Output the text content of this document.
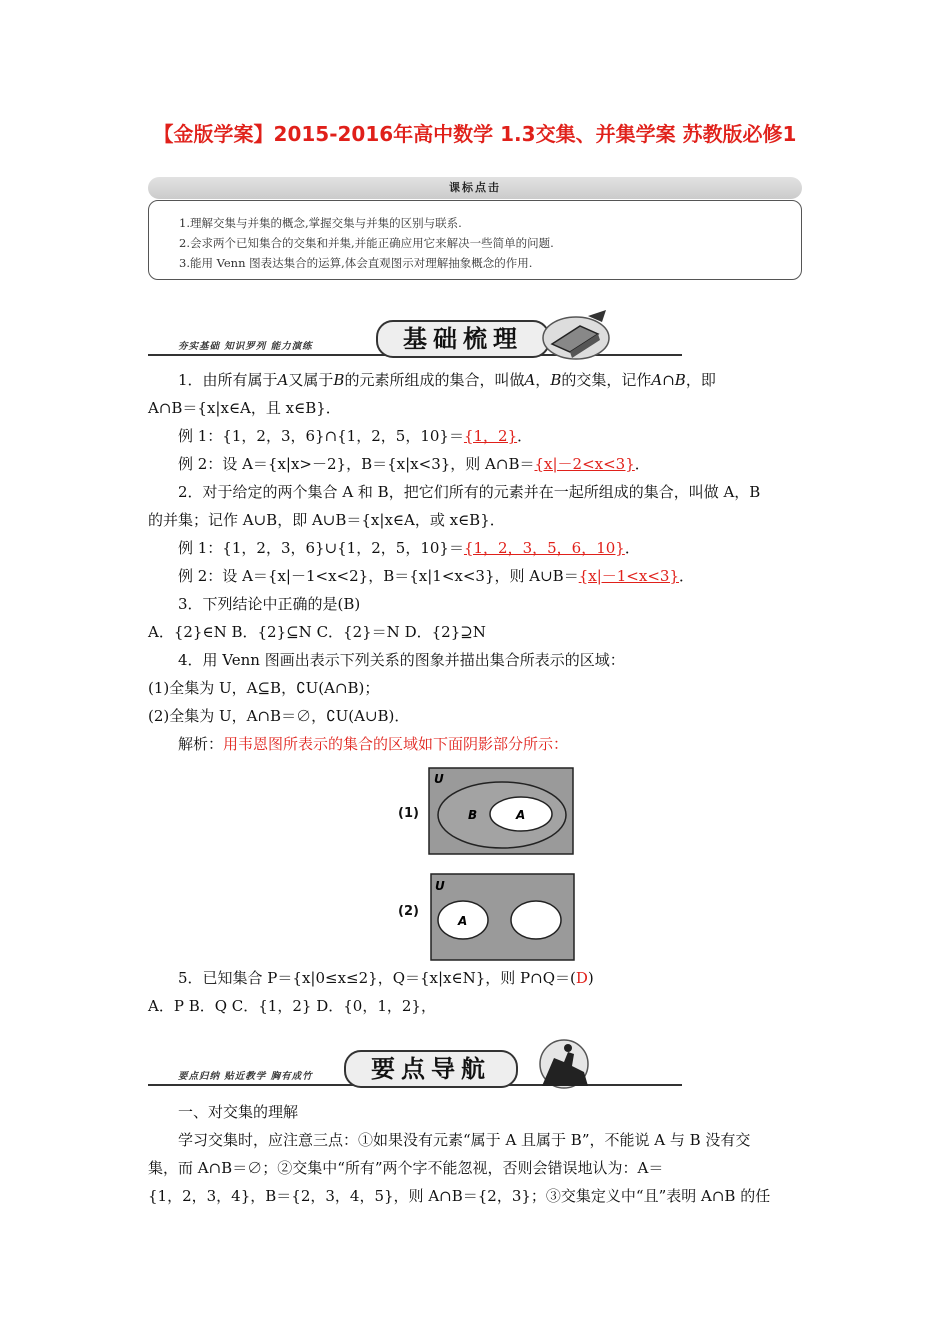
【金版学案】2015-2016年高中数学 1.3交集、并集学案 苏教版必修1
课标点击
1.理解交集与并集的概念,掌握交集与并集的区别与联系.
2.会求两个已知集合的交集和并集,并能正确应用它来解决一些简单的问题.
3.能用 Venn 图表达集合的运算,体会直观图示对理解抽象概念的作用.
夯实基础 知识罗列 能力演练	基础梳理
1．由所有属于A又属于B的元素所组成的集合，叫做A，B的交集，记作A∩B，即
A∩B＝{x|x∈A，且 x∈B}．
例 1：{1，2，3，6}∩{1，2，5，10}＝{1，2}．
例 2：设 A＝{x|x>－2}，B＝{x|x<3}，则 A∩B＝{x|－2<x<3}．
2．对于给定的两个集合 A 和 B，把它们所有的元素并在一起所组成的集合，叫做 A，B
的并集；记作 A∪B，即 A∪B＝{x|x∈A，或 x∈B}．
例 1：{1，2，3，6}∪{1，2，5，10}＝{1，2，3，5，6，10}．
例 2：设 A＝{x|－1<x<2}，B＝{x|1<x<3}，则 A∪B＝{x|－1<x<3}．
3．下列结论中正确的是(B)
A．{2}∈N B．{2}⊆N C．{2}＝N D．{2}⊇N
4．用 Venn 图画出表示下列关系的图象并描出集合所表示的区域：
(1)全集为 U，A⊆B，∁U(A∩B)；
(2)全集为 U，A∩B＝∅，∁U(A∪B)．
解析：用韦恩图所表示的集合的区域如下面阴影部分所示：
(1)
U
B	A
(2)
U
A
5．已知集合 P＝{x|0≤x≤2}，Q＝{x|x∈N}，则 P∩Q＝(D)
A．P B．Q C．{1，2} D．{0，1，2}，
要点归纳 贴近教学 胸有成竹	要点导航
一、对交集的理解
学习交集时，应注意三点：①如果没有元素“属于 A 且属于 B”，不能说 A 与 B 没有交
集，而 A∩B＝∅；②交集中“所有”两个字不能忽视，否则会错误地认为：A＝
{1，2，3，4}，B＝{2，3，4，5}，则 A∩B＝{2，3}；③交集定义中“且”表明 A∩B 的任
